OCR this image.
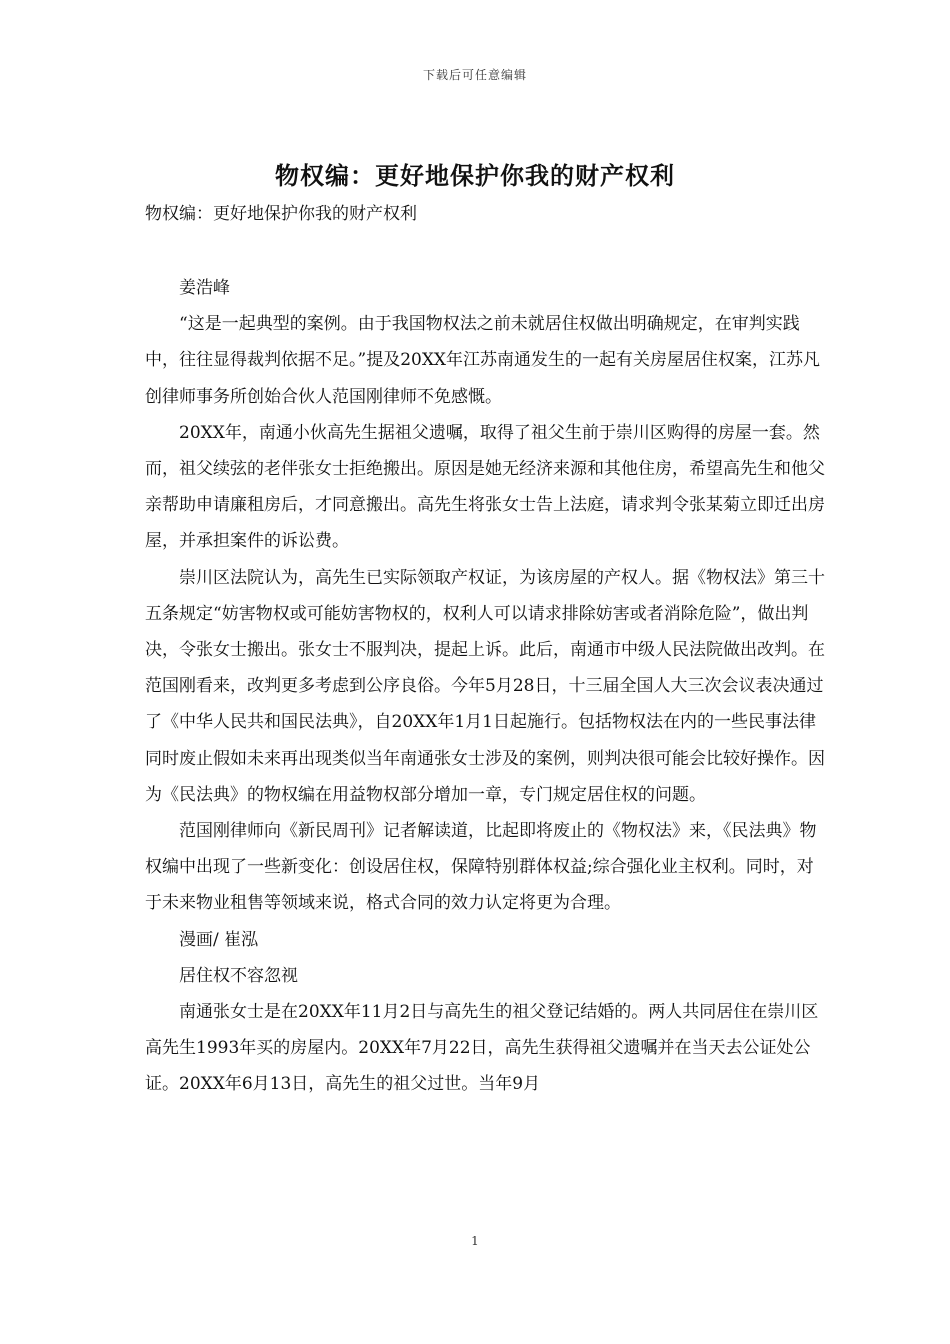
下载后可任意编辑
物权编：更好地保护你我的财产权利
物权编：更好地保护你我的财产权利

姜浩峰

“这是一起典型的案例。由于我国物权法之前未就居住权做出明确规定，在审判实践中，往往显得裁判依据不足。”提及20XX年江苏南通发生的一起有关房屋居住权案，江苏凡创律师事务所创始合伙人范国刚律师不免感慨。

20XX年，南通小伙高先生据祖父遗嘱，取得了祖父生前于崇川区购得的房屋一套。然而，祖父续弦的老伴张女士拒绝搬出。原因是她无经济来源和其他住房，希望高先生和他父亲帮助申请廉租房后，才同意搬出。高先生将张女士告上法庭，请求判令张某菊立即迁出房屋，并承担案件的诉讼费。

崇川区法院认为，高先生已实际领取产权证，为该房屋的产权人。据《物权法》第三十五条规定“妨害物权或可能妨害物权的，权利人可以请求排除妨害或者消除危险”，做出判决，令张女士搬出。张女士不服判决，提起上诉。此后，南通市中级人民法院做出改判。在范国刚看来，改判更多考虑到公序良俗。今年5月28日，十三届全国人大三次会议表决通过了《中华人民共和国民法典》，自20XX年1月1日起施行。包括物权法在内的一些民事法律同时废止假如未来再出现类似当年南通张女士涉及的案例，则判决很可能会比较好操作。因为《民法典》的物权编在用益物权部分增加一章，专门规定居住权的问题。

范国刚律师向《新民周刊》记者解读道，比起即将废止的《物权法》来，《民法典》物权编中出现了一些新变化：创设居住权，保障特别群体权益;综合强化业主权利。同时，对于未来物业租售等领域来说，格式合同的效力认定将更为合理。

漫画/ 崔泓

居住权不容忽视

南通张女士是在20XX年11月2日与高先生的祖父登记结婚的。两人共同居住在崇川区高先生1993年买的房屋内。20XX年7月22日，高先生获得祖父遗嘱并在当天去公证处公证。20XX年6月13日，高先生的祖父过世。当年9月

1
